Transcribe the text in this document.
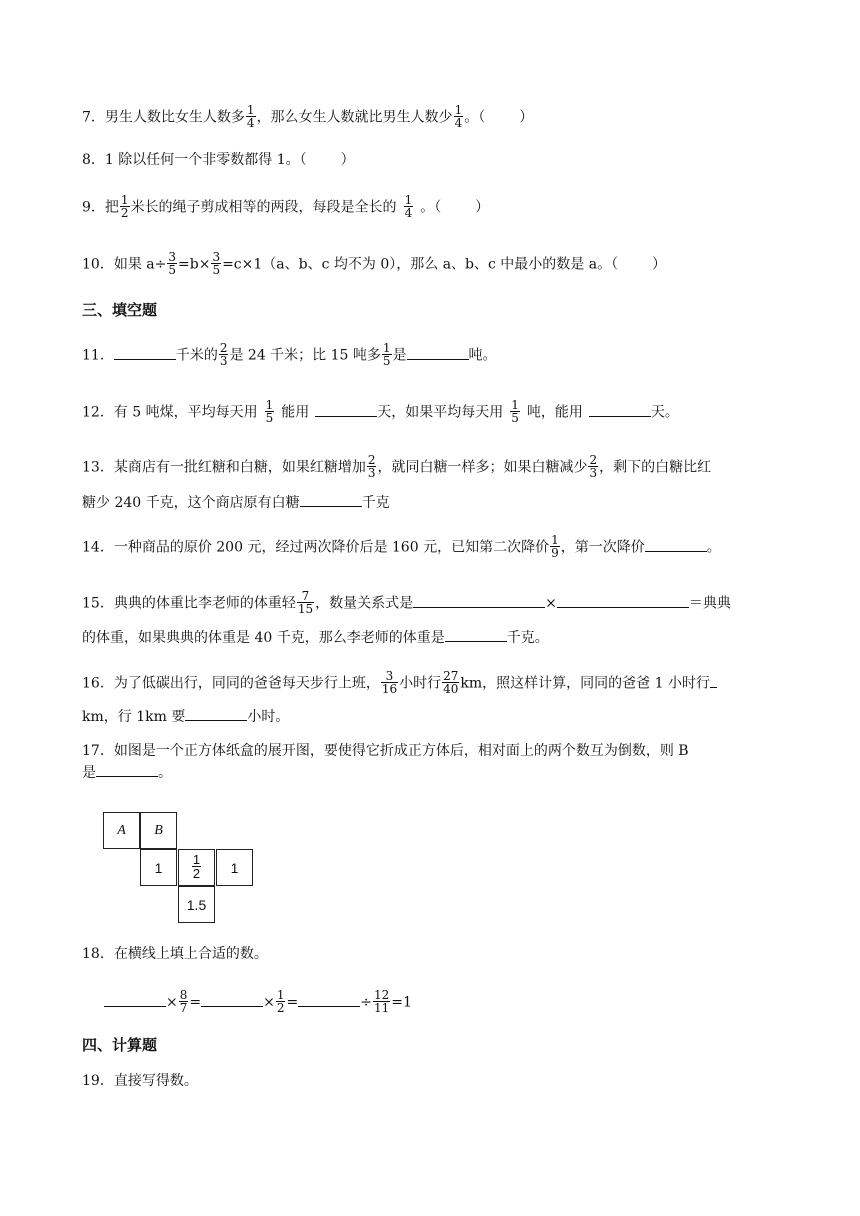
7．男生人数比女生人数多 $\frac{1}{4}$ ，那么女生人数就比男生人数少 $\frac{1}{4}$ 。（ ）
8．1 除以任何一个非零数都得 1。（ ）
9．把 $\frac{1}{2}$ 米长的绳子剪成相等的两段，每段是全长的 $\frac{1}{4}$ 。（ ）
10．如果 $a\div \frac{3}{5} =b\times \frac{3}{5} =c\times 1(a$、b、c 均不为 0），那么 a、b、c 中最小的数是 a。（ ）
三、填空题
11．	千米的 $\frac{2}{3}$ 是 24 千米；比 15 吨多 $\frac{1}{5}$ 是	吨。
12．有 5 吨煤，平均每天用 $\frac{1}{5}$ 能用	天，如果平均每天用 $\frac{1}{5}$ 吨，能用	天。
13．某商店有一批红糖和白糖，如果红糖增加 $\frac{2}{3}$ ，就同白糖一样多；如果白糖减少 $\frac{2}{3}$ ，剩下的白糖比红
糖少 240 千克，这个商店原有白糖	千克
14．一种商品的原价 200 元，经过两次降价后是 160 元，已知第二次降价 $\frac{1}{9}$ ，第一次降价	。
15．典典的体重比李老师的体重轻 $\frac{7}{15}$ ，数量关系式是	×	＝典典
的体重，如果典典的体重是 40 千克，那么李老师的体重是	千克。
16．为了低碳出行，同同的爸爸每天步行上班， $\frac{3}{16}$ 小时行 $\frac{27}{40}$ km，照这样计算，同同的爸爸 1 小时行
km，行 1km 要	小时。
17．如图是一个正方体纸盒的展开图，要使得它折成正方体后，相对面上的两个数互为倒数，则 B
是	。
A	B
1	$\frac{1}{2}$	1
1.5
18．在横线上填上合适的数。
× $\frac{8}{7}$ =	× $\frac{1}{2}$ =	÷ $\frac{12}{11} =1$
四、计算题
19．直接写得数。
